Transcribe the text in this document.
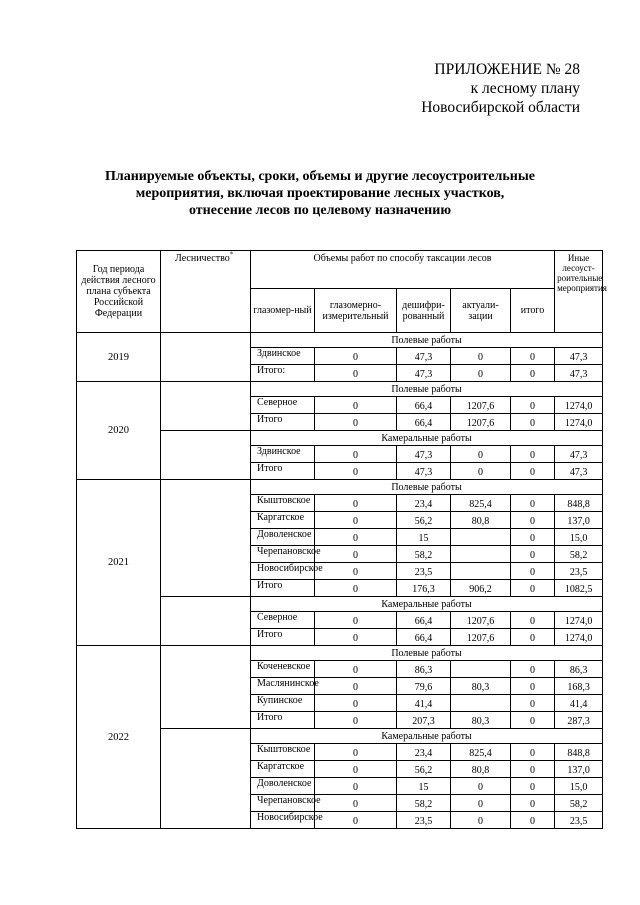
ПРИЛОЖЕНИЕ № 28
к лесному плану
Новосибирской области
Планируемые объекты, сроки, объемы и другие лесоустроительные
мероприятия, включая проектирование лесных участков,
отнесение лесов по целевому назначению
Год периода действия лесного плана субъекта Российской Федерации	Лесничество*	Объемы работ по способу таксации лесов					Иные лесоуст-роительные мероприятия	
		глазомер-ный	глазомерно-измерительный	дешифри-рованный	актуали-зации	итого		
2019		Полевые работы						
		Здвинское	0	47,3	0	0	47,3	
		Итого:	0	47,3	0	0	47,3	
2020		Полевые работы						
		Северное	0	66,4	1207,6	0	1274,0	
		Итого	0	66,4	1207,6	0	1274,0	
		Камеральные работы						
		Здвинское	0	47,3	0	0	47,3	
		Итого	0	47,3	0	0	47,3	
2021		Полевые работы						
		Кыштовское	0	23,4	825,4	0	848,8	
		Каргатское	0	56,2	80,8	0	137,0	
		Доволенское	0	15		0	15,0	
		Черепановское	0	58,2		0	58,2	
		Новосибирское	0	23,5		0	23,5	
		Итого	0	176,3	906,2	0	1082,5	
		Камеральные работы						
		Северное	0	66,4	1207,6	0	1274,0	
		Итого	0	66,4	1207,6	0	1274,0	
2022		Полевые работы						
		Коченевское	0	86,3		0	86,3	
		Маслянинское	0	79,6	80,3	0	168,3	
		Купинское	0	41,4		0	41,4	
		Итого	0	207,3	80,3	0	287,3	
		Камеральные работы						
		Кыштовское	0	23,4	825,4	0	848,8	
		Каргатское	0	56,2	80,8	0	137,0	
		Доволенское	0	15	0	0	15,0	
		Черепановское	0	58,2	0	0	58,2	
		Новосибирское	0	23,5	0	0	23,5	
